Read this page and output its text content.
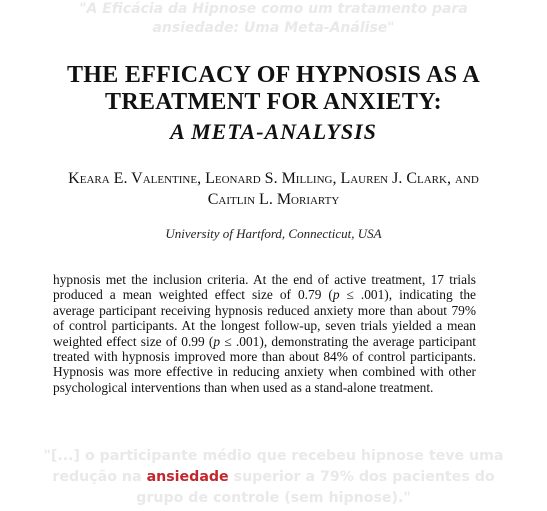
"A Eficácia da Hipnose como um tratamento para
ansiedade: Uma Meta-Análise"
THE EFFICACY OF HYPNOSIS AS A
TREATMENT FOR ANXIETY:
A META-ANALYSIS
Keara E. Valentine, Leonard S. Milling, Lauren J. Clark, and
Caitlin L. Moriarty
University of Hartford, Connecticut, USA

hypnosis met the inclusion criteria. At the end of active treatment, 17 trials produced a mean weighted effect size of 0.79 (p ≤ .001), indicating the average participant receiving hypnosis reduced anxiety more than about 79% of control participants. At the longest follow-up, seven trials yielded a mean weighted effect size of 0.99 (p ≤ .001), demonstrating the average participant treated with hypnosis improved more than about 84% of control participants. Hypnosis was more effective in reducing anxiety when combined with other psychological interventions than when used as a stand-alone treatment.
"[...] o participante médio que recebeu hipnose teve uma redução na ansiedade superior a 79% dos pacientes do grupo de controle (sem hipnose)."
